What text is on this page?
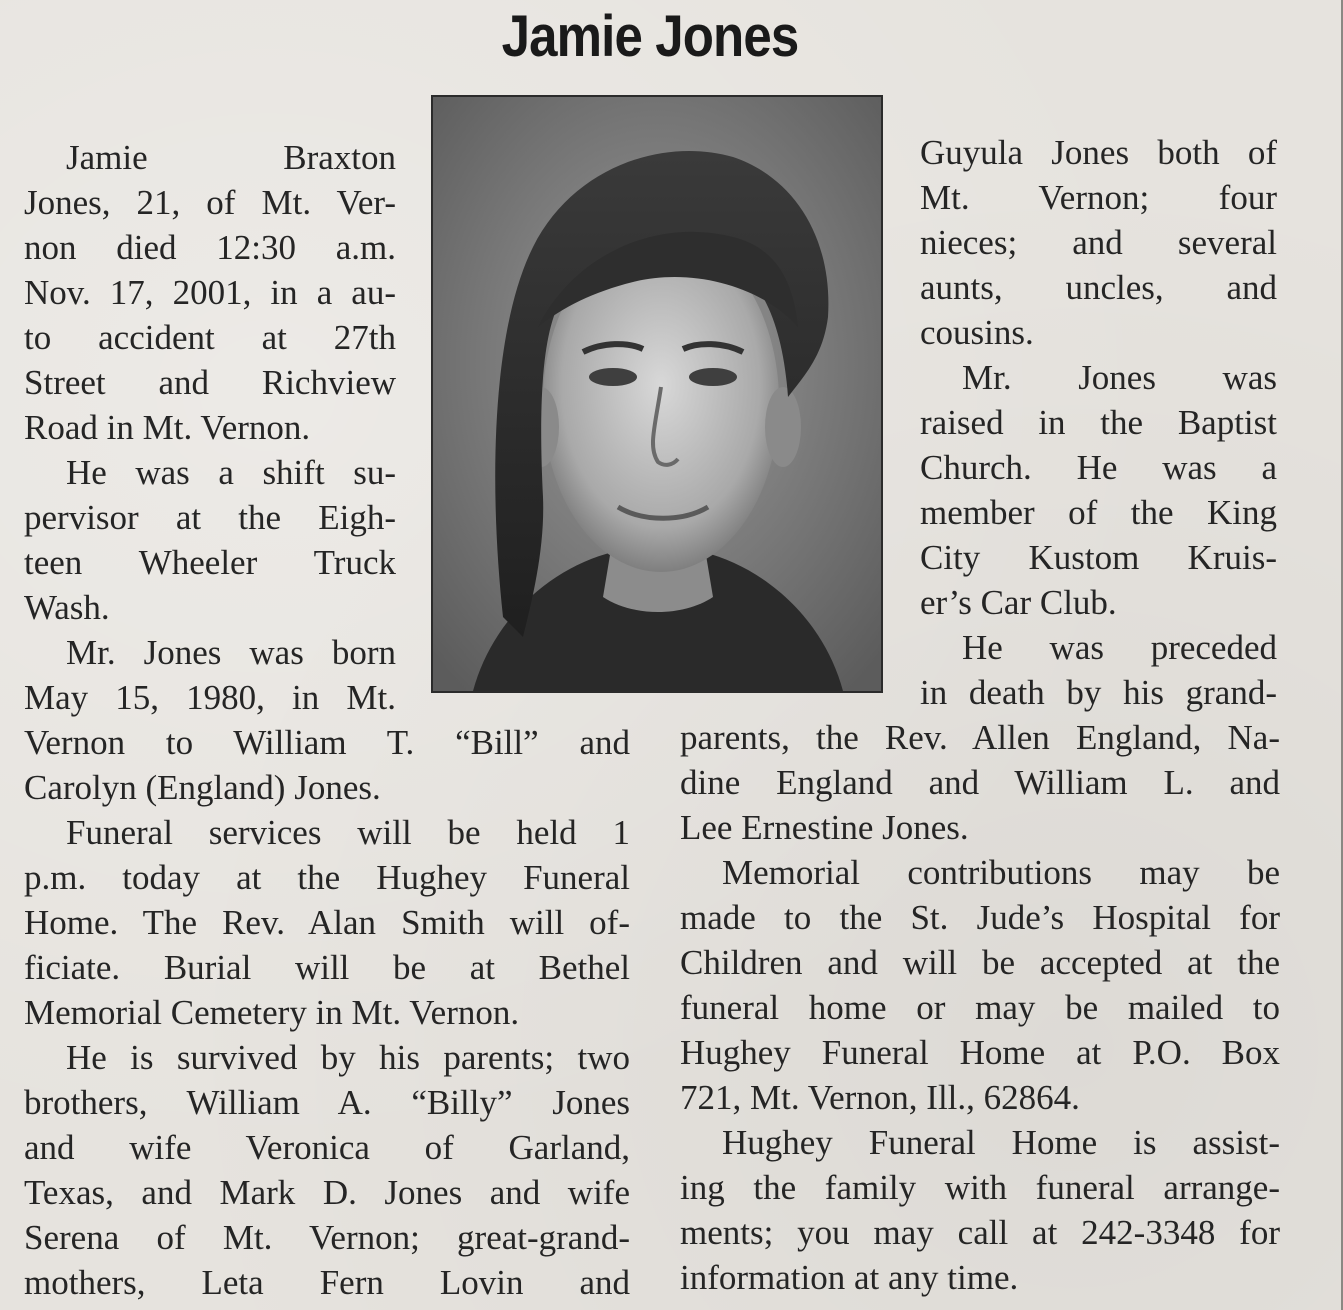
Jamie Jones
Jamie Braxton
Jones, 21, of Mt. Ver-
non died 12:30 a.m.
Nov. 17, 2001, in a au-
to accident at 27th
Street and Richview
Road in Mt. Vernon.
He was a shift su-
pervisor at the Eigh-
teen Wheeler Truck
Wash.
Mr. Jones was born
May 15, 1980, in Mt.
Vernon to William T. “Bill” and
Carolyn (England) Jones.
Funeral services will be held 1
p.m. today at the Hughey Funeral
Home. The Rev. Alan Smith will of-
ficiate. Burial will be at Bethel
Memorial Cemetery in Mt. Vernon.
He is survived by his parents; two
brothers, William A. “Billy” Jones
and wife Veronica of Garland,
Texas, and Mark D. Jones and wife
Serena of Mt. Vernon; great-grand-
mothers, Leta Fern Lovin and
Guyula Jones both of
Mt. Vernon; four
nieces; and several
aunts, uncles, and
cousins.
Mr. Jones was
raised in the Baptist
Church. He was a
member of the King
City Kustom Kruis-
er’s Car Club.
He was preceded
in death by his grand-
parents, the Rev. Allen England, Na-
dine England and William L. and
Lee Ernestine Jones.
Memorial contributions may be
made to the St. Jude’s Hospital for
Children and will be accepted at the
funeral home or may be mailed to
Hughey Funeral Home at P.O. Box
721, Mt. Vernon, Ill., 62864.
Hughey Funeral Home is assist-
ing the family with funeral arrange-
ments; you may call at 242-3348 for
information at any time.
